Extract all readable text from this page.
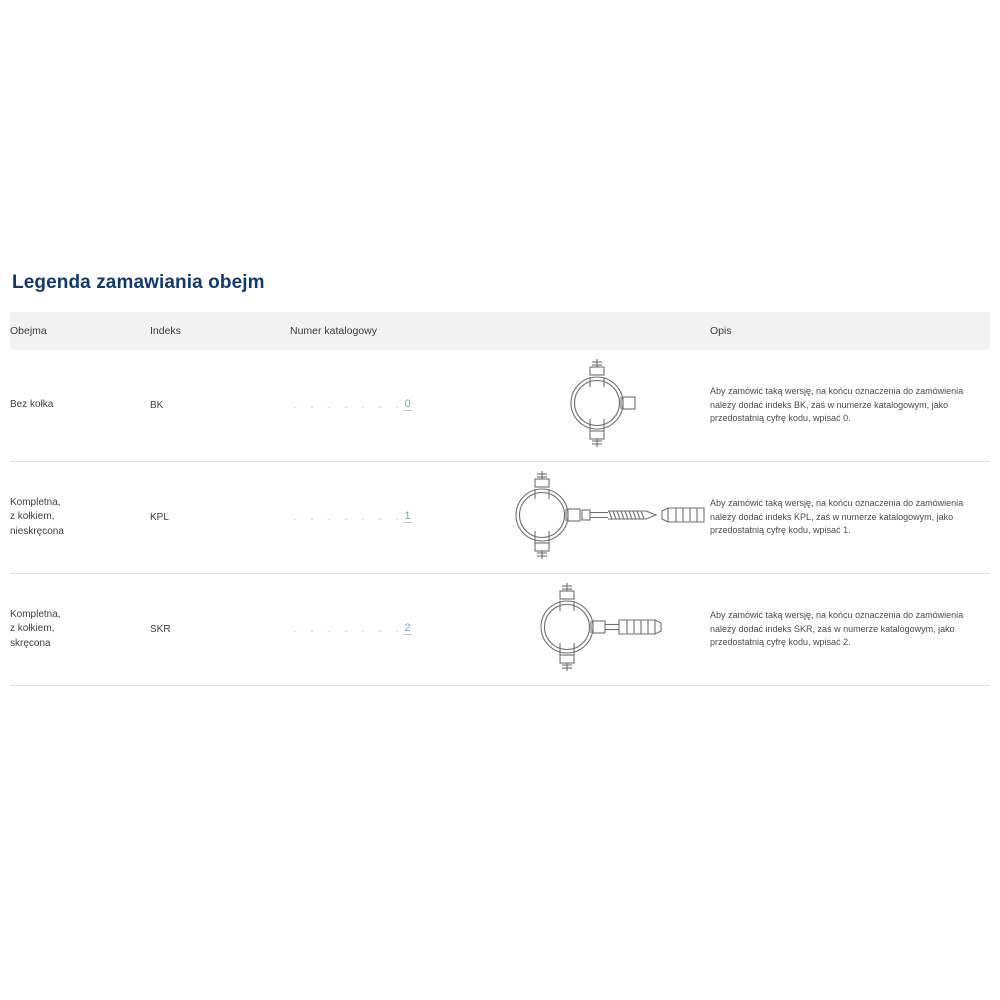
Legenda zamawiania obejm
Obejma	Indeks	Numer katalogowy		Opis
Bez kołka	BK	- - - - - - - 0		Aby zamówić taką wersję, na końcu oznaczenia do zamówienia należy dodać indeks BK, zaś w numerze katalogowym, jako przedostatnią cyfrę kodu, wpisać 0.
Kompletna,
z kołkiem,
nieskręcona	KPL	- - - - - - - 1		Aby zamówić taką wersję, na końcu oznaczenia do zamówienia należy dodać indeks KPL, zaś w numerze katalogowym, jako przedostatnią cyfrę kodu, wpisać 1.
Kompletna,
z kołkiem,
skręcona	SKR	- - - - - - - 2		Aby zamówić taką wersję, na końcu oznaczenia do zamówienia należy dodać indeks SKR, zaś w numerze katalogowym, jako przedostatnią cyfrę kodu, wpisać 2.
